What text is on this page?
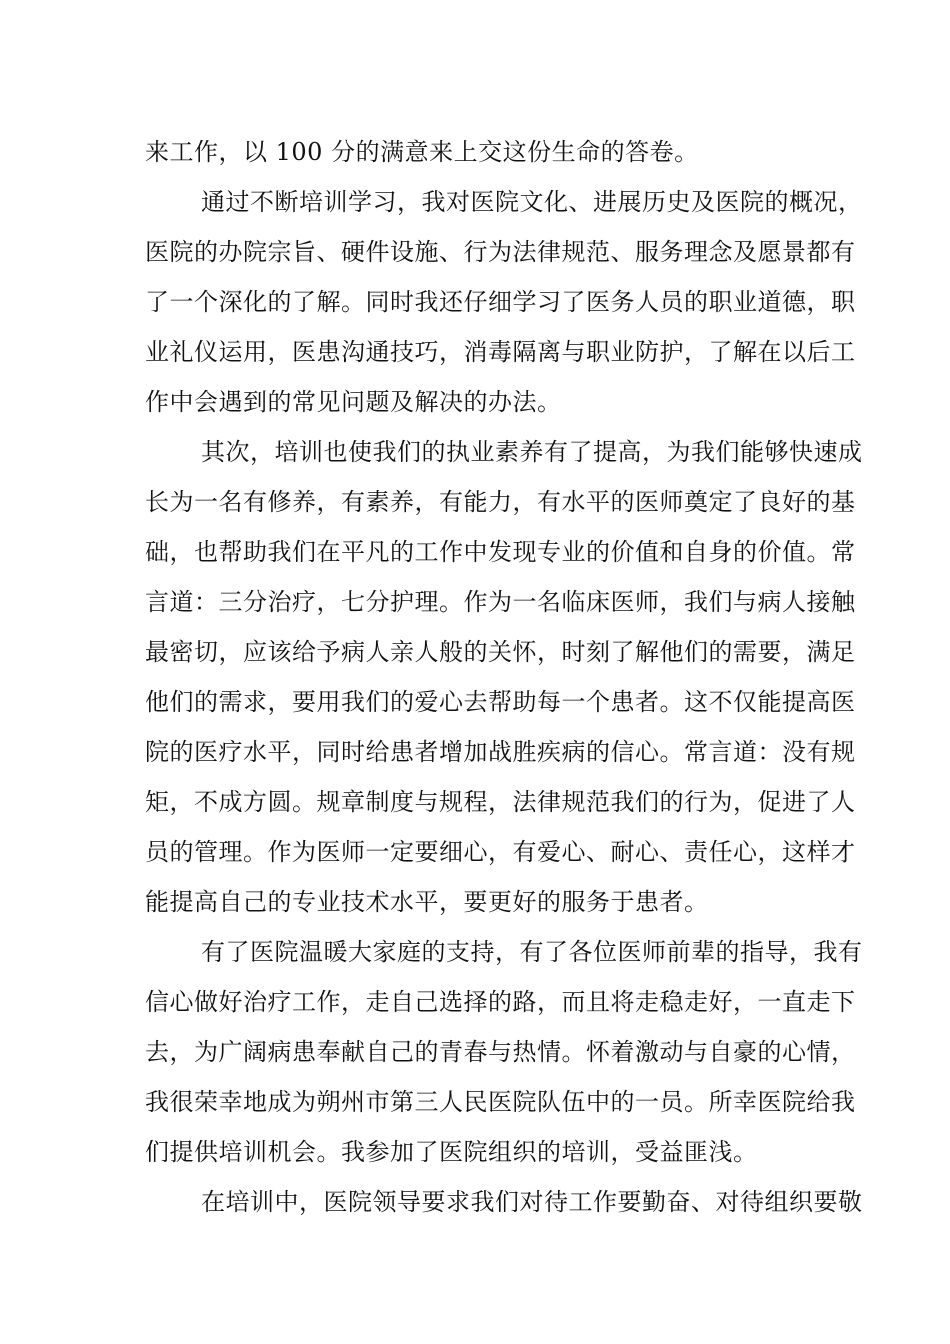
来工作，以 100 分的满意来上交这份生命的答卷。
通过不断培训学习，我对医院文化、进展历史及医院的概况，
医院的办院宗旨、硬件设施、行为法律规范、服务理念及愿景都有
了一个深化的了解。同时我还仔细学习了医务人员的职业道德，职
业礼仪运用，医患沟通技巧，消毒隔离与职业防护，了解在以后工
作中会遇到的常见问题及解决的办法。
其次，培训也使我们的执业素养有了提高，为我们能够快速成
长为一名有修养，有素养，有能力，有水平的医师奠定了良好的基
础，也帮助我们在平凡的工作中发现专业的价值和自身的价值。常
言道：三分治疗，七分护理。作为一名临床医师，我们与病人接触
最密切，应该给予病人亲人般的关怀，时刻了解他们的需要，满足
他们的需求，要用我们的爱心去帮助每一个患者。这不仅能提高医
院的医疗水平，同时给患者增加战胜疾病的信心。常言道：没有规
矩，不成方圆。规章制度与规程，法律规范我们的行为，促进了人
员的管理。作为医师一定要细心，有爱心、耐心、责任心，这样才
能提高自己的专业技术水平，要更好的服务于患者。
有了医院温暖大家庭的支持，有了各位医师前辈的指导，我有
信心做好治疗工作，走自己选择的路，而且将走稳走好，一直走下
去，为广阔病患奉献自己的青春与热情。怀着激动与自豪的心情，
我很荣幸地成为朔州市第三人民医院队伍中的一员。所幸医院给我
们提供培训机会。我参加了医院组织的培训，受益匪浅。
在培训中，医院领导要求我们对待工作要勤奋、对待组织要敬
